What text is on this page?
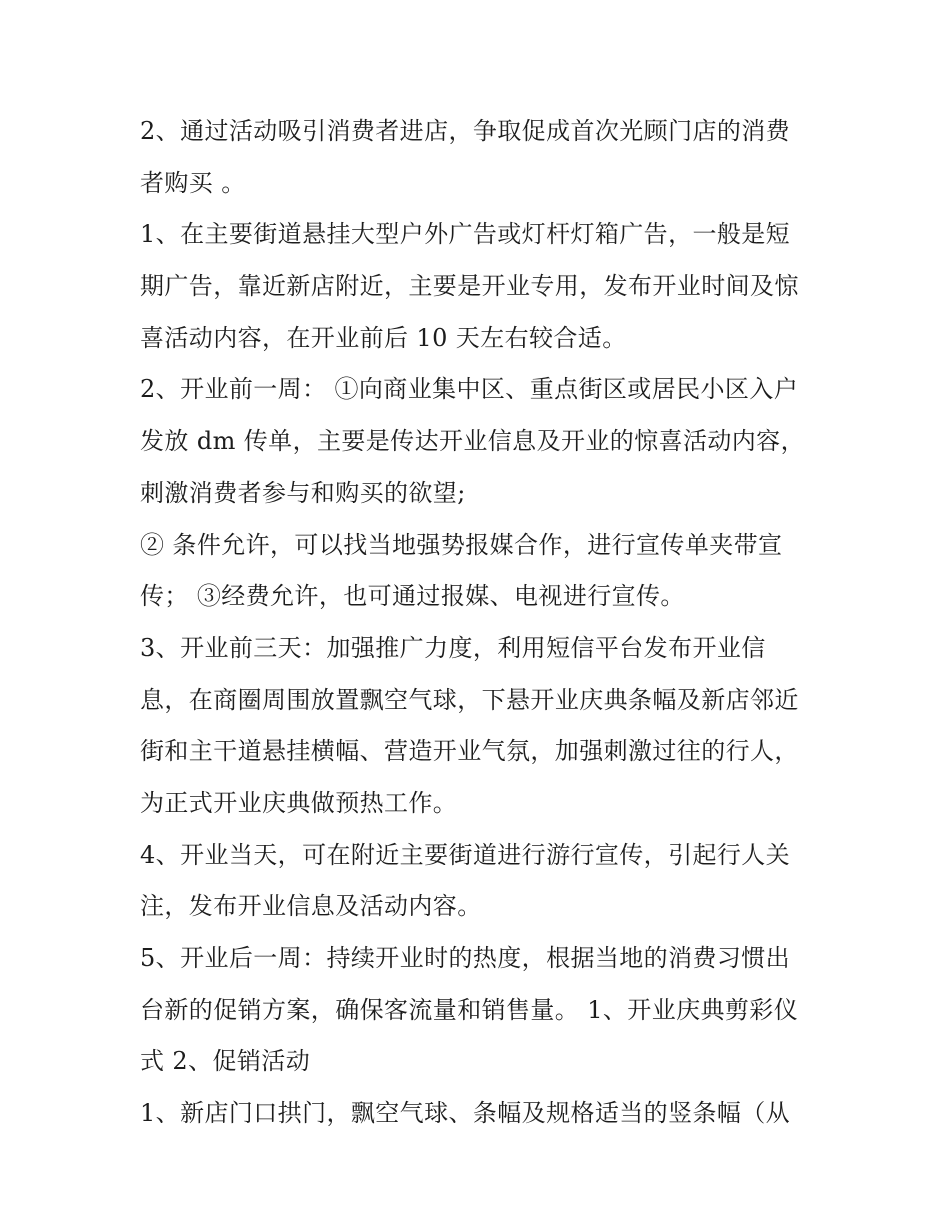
2、通过活动吸引消费者进店，争取促成首次光顾门店的消费
者购买 。
1、在主要街道悬挂大型户外广告或灯杆灯箱广告，一般是短
期广告，靠近新店附近，主要是开业专用，发布开业时间及惊
喜活动内容，在开业前后 10 天左右较合适。
2、开业前一周： ①向商业集中区、重点街区或居民小区入户
发放 dm 传单，主要是传达开业信息及开业的惊喜活动内容，
刺激消费者参与和购买的欲望;
② 条件允许，可以找当地强势报媒合作，进行宣传单夹带宣
传； ③经费允许，也可通过报媒、电视进行宣传。
3、开业前三天：加强推广力度，利用短信平台发布开业信
息，在商圈周围放置飘空气球，下悬开业庆典条幅及新店邻近
街和主干道悬挂横幅、营造开业气氛，加强刺激过往的行人，
为正式开业庆典做预热工作。
4、开业当天，可在附近主要街道进行游行宣传，引起行人关
注，发布开业信息及活动内容。
5、开业后一周：持续开业时的热度，根据当地的消费习惯出
台新的促销方案，确保客流量和销售量。 1、开业庆典剪彩仪
式 2、促销活动
1、新店门口拱门，飘空气球、条幅及规格适当的竖条幅（从
